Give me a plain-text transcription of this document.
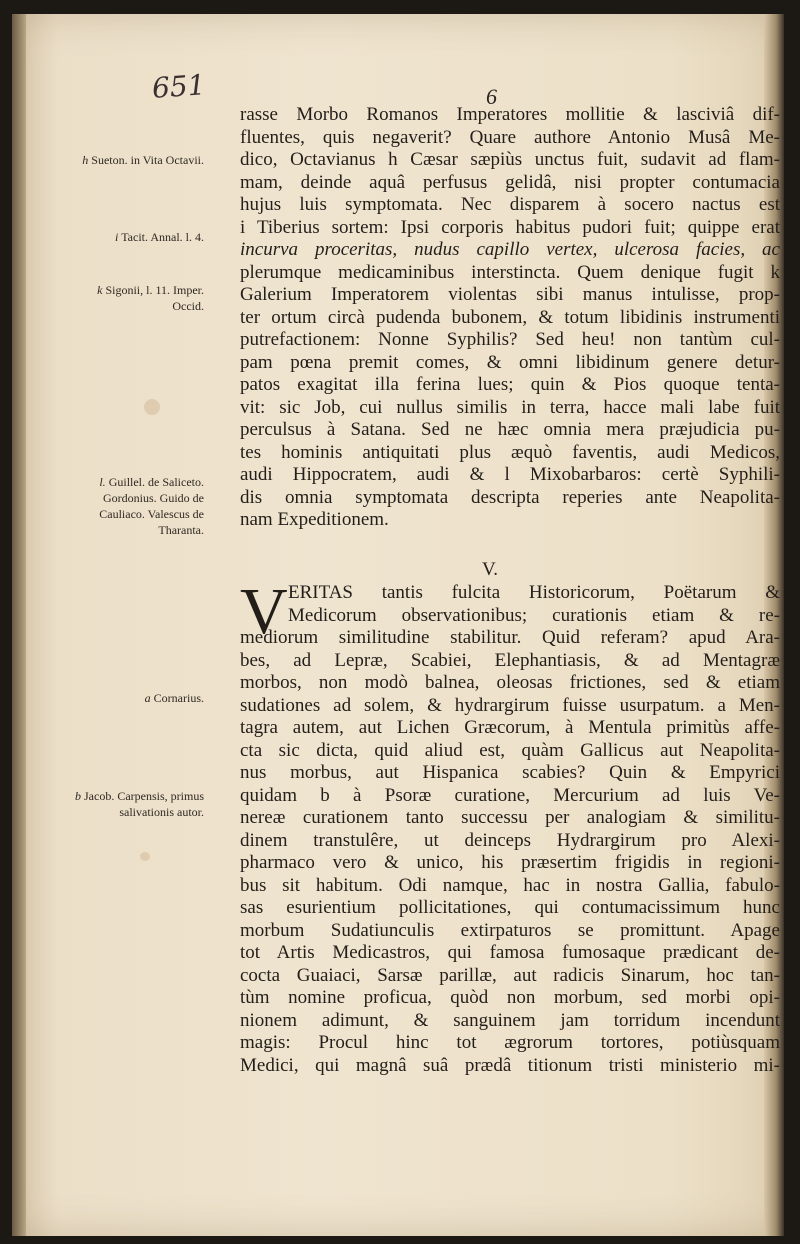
651	6
h Sueton. in Vita Octavii.
i Tacit. Annal. l. 4.
k Sigonii, l. 11. Imper. Occid.
l. Guillel. de Saliceto. Gordonius. Guido de Cauliaco. Valescus de Tharanta.
a Cornarius.
b Jacob. Carpensis, primus salivationis autor.
rasse Morbo Romanos Imperatores mollitie & lasciviâ dif-
fluentes, quis negaverit? Quare authore Antonio Musâ Me-
dico, Octavianus h Cæsar sæpiùs unctus fuit, sudavit ad flam-
mam, deinde aquâ perfusus gelidâ, nisi propter contumacia
hujus luis symptomata. Nec disparem à socero nactus est
i Tiberius sortem: Ipsi corporis habitus pudori fuit; quippe erat
incurva proceritas, nudus capillo vertex, ulcerosa facies, ac
plerumque medicaminibus interstincta. Quem denique fugit k
Galerium Imperatorem violentas sibi manus intulisse, prop-
ter ortum circà pudenda bubonem, & totum libidinis instrumenti
putrefactionem: Nonne Syphilis? Sed heu! non tantùm cul-
pam pœna premit comes, & omni libidinum genere detur-
patos exagitat illa ferina lues; quin & Pios quoque tenta-
vit: sic Job, cui nullus similis in terra, hacce mali labe fuit
perculsus à Satana. Sed ne hæc omnia mera præjudicia pu-
tes hominis antiquitati plus æquò faventis, audi Medicos,
audi Hippocratem, audi & l Mixobarbaros: certè Syphili-
dis omnia symptomata descripta reperies ante Neapolita-
nam Expeditionem.
V.
V ERITAS tantis fulcita Historicorum, Poëtarum &
Medicorum observationibus; curationis etiam & re-
mediorum similitudine stabilitur. Quid referam? apud Ara-
bes, ad Lepræ, Scabiei, Elephantiasis, & ad Mentagræ
morbos, non modò balnea, oleosas frictiones, sed & etiam
sudationes ad solem, & hydrargirum fuisse usurpatum. a Men-
tagra autem, aut Lichen Græcorum, à Mentula primitùs affe-
cta sic dicta, quid aliud est, quàm Gallicus aut Neapolita-
nus morbus, aut Hispanica scabies? Quin & Empyrici
quidam b à Psoræ curatione, Mercurium ad luis Ve-
nereæ curationem tanto successu per analogiam & similitu-
dinem transtulêre, ut deinceps Hydrargirum pro Alexi-
pharmaco vero & unico, his præsertim frigidis in regioni-
bus sit habitum. Odi namque, hac in nostra Gallia, fabulo-
sas esurientium pollicitationes, qui contumacissimum hunc
morbum Sudatiunculis extirpaturos se promittunt. Apage
tot Artis Medicastros, qui famosa fumosaque prædicant de-
cocta Guaiaci, Sarsæ parillæ, aut radicis Sinarum, hoc tan-
tùm nomine proficua, quòd non morbum, sed morbi opi-
nionem adimunt, & sanguinem jam torridum incendunt
magis: Procul hinc tot ægrorum tortores, potiùsquam
Medici, qui magnâ suâ prædâ titionum tristi ministerio mi-
